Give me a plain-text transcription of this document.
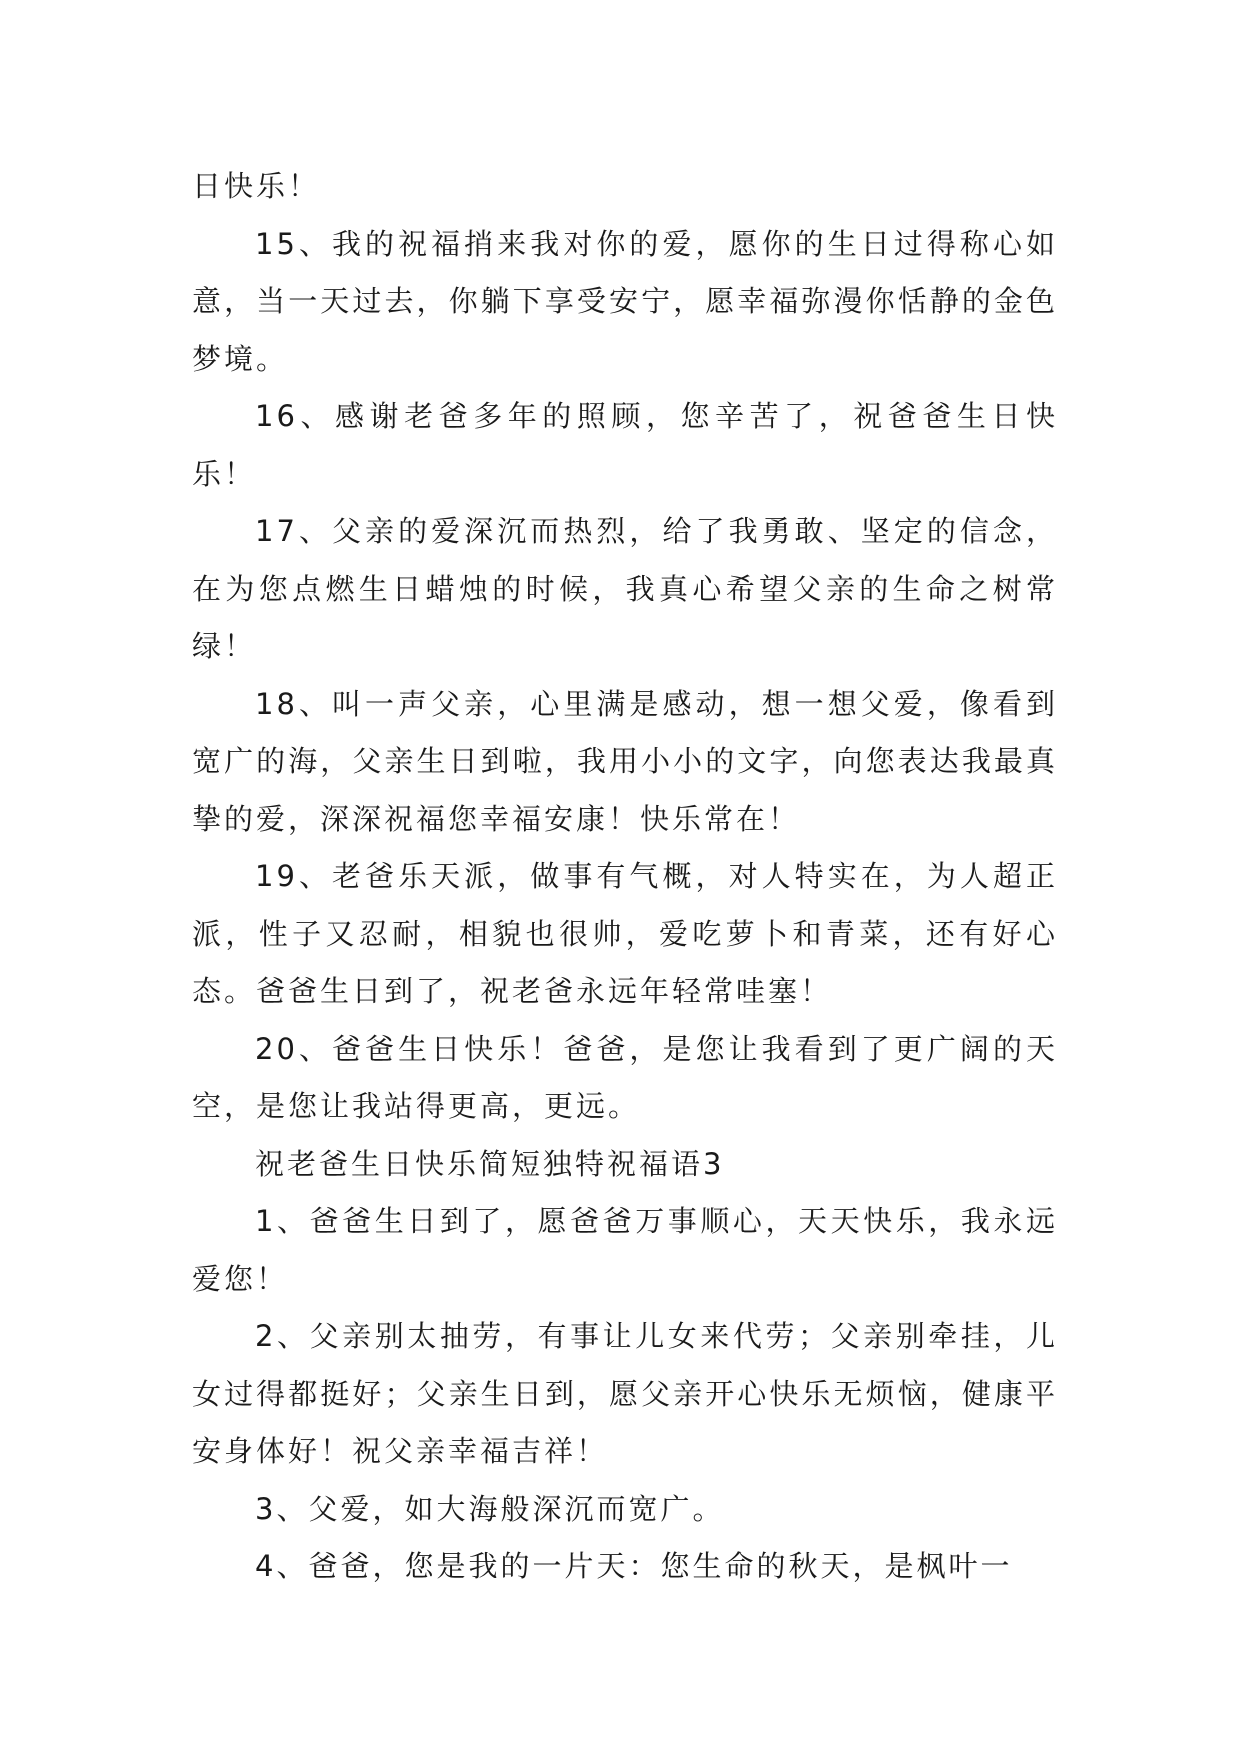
日快乐！

15、我的祝福捎来我对你的爱，愿你的生日过得称心如意，当一天过去，你躺下享受安宁，愿幸福弥漫你恬静的金色梦境。

16、感谢老爸多年的照顾，您辛苦了，祝爸爸生日快乐！

17、父亲的爱深沉而热烈，给了我勇敢、坚定的信念，在为您点燃生日蜡烛的时候，我真心希望父亲的生命之树常绿！

18、叫一声父亲，心里满是感动，想一想父爱，像看到宽广的海，父亲生日到啦，我用小小的文字，向您表达我最真挚的爱，深深祝福您幸福安康！快乐常在！

19、老爸乐天派，做事有气概，对人特实在，为人超正派，性子又忍耐，相貌也很帅，爱吃萝卜和青菜，还有好心态。爸爸生日到了，祝老爸永远年轻常哇塞！

20、爸爸生日快乐！爸爸，是您让我看到了更广阔的天空，是您让我站得更高，更远。

祝老爸生日快乐简短独特祝福语3

1、爸爸生日到了，愿爸爸万事顺心，天天快乐，我永远爱您！

2、父亲别太抽劳，有事让儿女来代劳；父亲别牵挂，儿女过得都挺好；父亲生日到，愿父亲开心快乐无烦恼，健康平安身体好！祝父亲幸福吉祥！

3、父爱，如大海般深沉而宽广。

4、爸爸，您是我的一片天：您生命的秋天，是枫叶一
